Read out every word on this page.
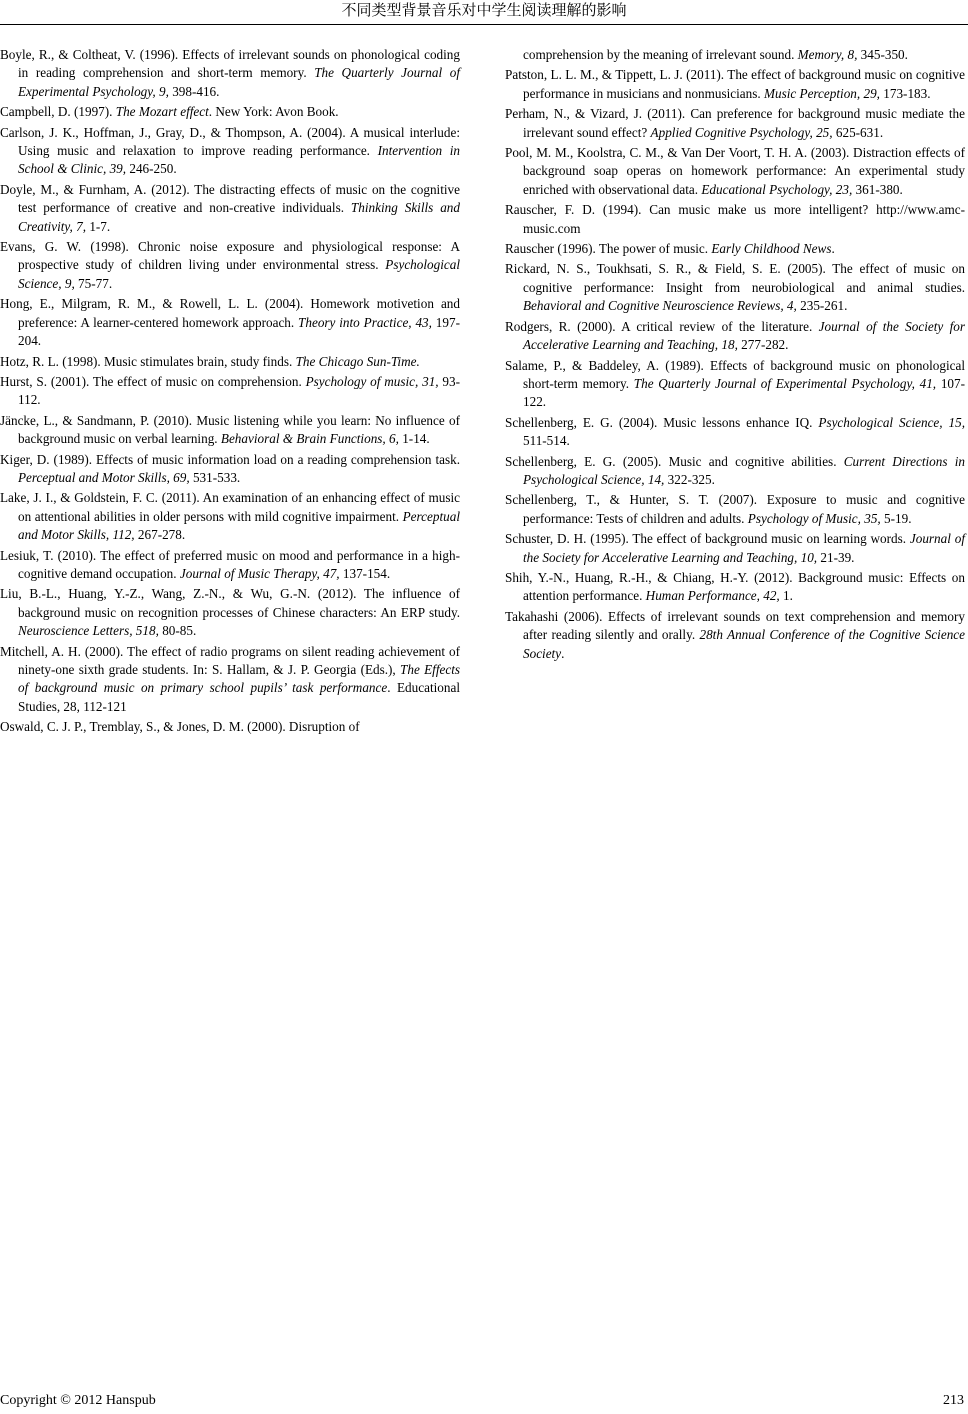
不同类型背景音乐对中学生阅读理解的影响

Boyle, R., & Coltheat, V. (1996). Effects of irrelevant sounds on phonological coding in reading comprehension and short-term memory. The Quarterly Journal of Experimental Psychology, 9, 398-416.

Campbell, D. (1997). The Mozart effect. New York: Avon Book.

Carlson, J. K., Hoffman, J., Gray, D., & Thompson, A. (2004). A musical interlude: Using music and relaxation to improve reading performance. Intervention in School & Clinic, 39, 246-250.

Doyle, M., & Furnham, A. (2012). The distracting effects of music on the cognitive test performance of creative and non-creative individuals. Thinking Skills and Creativity, 7, 1-7.

Evans, G. W. (1998). Chronic noise exposure and physiological response: A prospective study of children living under environmental stress. Psychological Science, 9, 75-77.

Hong, E., Milgram, R. M., & Rowell, L. L. (2004). Homework motivetion and preference: A learner-centered homework approach. Theory into Practice, 43, 197-204.

Hotz, R. L. (1998). Music stimulates brain, study finds. The Chicago Sun-Time.

Hurst, S. (2001). The effect of music on comprehension. Psychology of music, 31, 93-112.

Jäncke, L., & Sandmann, P. (2010). Music listening while you learn: No influence of background music on verbal learning. Behavioral & Brain Functions, 6, 1-14.

Kiger, D. (1989). Effects of music information load on a reading comprehension task. Perceptual and Motor Skills, 69, 531-533.

Lake, J. I., & Goldstein, F. C. (2011). An examination of an enhancing effect of music on attentional abilities in older persons with mild cognitive impairment. Perceptual and Motor Skills, 112, 267-278.

Lesiuk, T. (2010). The effect of preferred music on mood and performance in a high-cognitive demand occupation. Journal of Music Therapy, 47, 137-154.

Liu, B.-L., Huang, Y.-Z., Wang, Z.-N., & Wu, G.-N. (2012). The influence of background music on recognition processes of Chinese characters: An ERP study. Neuroscience Letters, 518, 80-85.

Mitchell, A. H. (2000). The effect of radio programs on silent reading achievement of ninety-one sixth grade students. In: S. Hallam, & J. P. Georgia (Eds.), The Effects of background music on primary school pupils’ task performance. Educational Studies, 28, 112-121

Oswald, C. J. P., Tremblay, S., & Jones, D. M. (2000). Disruption of

comprehension by the meaning of irrelevant sound. Memory, 8, 345-350.

Patston, L. L. M., & Tippett, L. J. (2011). The effect of background music on cognitive performance in musicians and nonmusicians. Music Perception, 29, 173-183.

Perham, N., & Vizard, J. (2011). Can preference for background music mediate the irrelevant sound effect? Applied Cognitive Psychology, 25, 625-631.

Pool, M. M., Koolstra, C. M., & Van Der Voort, T. H. A. (2003). Distraction effects of background soap operas on homework performance: An experimental study enriched with observational data. Educational Psychology, 23, 361-380.

Rauscher, F. D. (1994). Can music make us more intelligent? http://www.amc-music.com

Rauscher (1996). The power of music. Early Childhood News.

Rickard, N. S., Toukhsati, S. R., & Field, S. E. (2005). The effect of music on cognitive performance: Insight from neurobiological and animal studies. Behavioral and Cognitive Neuroscience Reviews, 4, 235-261.

Rodgers, R. (2000). A critical review of the literature. Journal of the Society for Accelerative Learning and Teaching, 18, 277-282.

Salame, P., & Baddeley, A. (1989). Effects of background music on phonological short-term memory. The Quarterly Journal of Experimental Psychology, 41, 107-122.

Schellenberg, E. G. (2004). Music lessons enhance IQ. Psychological Science, 15, 511-514.

Schellenberg, E. G. (2005). Music and cognitive abilities. Current Directions in Psychological Science, 14, 322-325.

Schellenberg, T., & Hunter, S. T. (2007). Exposure to music and cognitive performance: Tests of children and adults. Psychology of Music, 35, 5-19.

Schuster, D. H. (1995). The effect of background music on learning words. Journal of the Society for Accelerative Learning and Teaching, 10, 21-39.

Shih, Y.-N., Huang, R.-H., & Chiang, H.-Y. (2012). Background music: Effects on attention performance. Human Performance, 42, 1.

Takahashi (2006). Effects of irrelevant sounds on text comprehension and memory after reading silently and orally. 28th Annual Conference of the Cognitive Science Society.

Copyright © 2012 Hanspub	213
